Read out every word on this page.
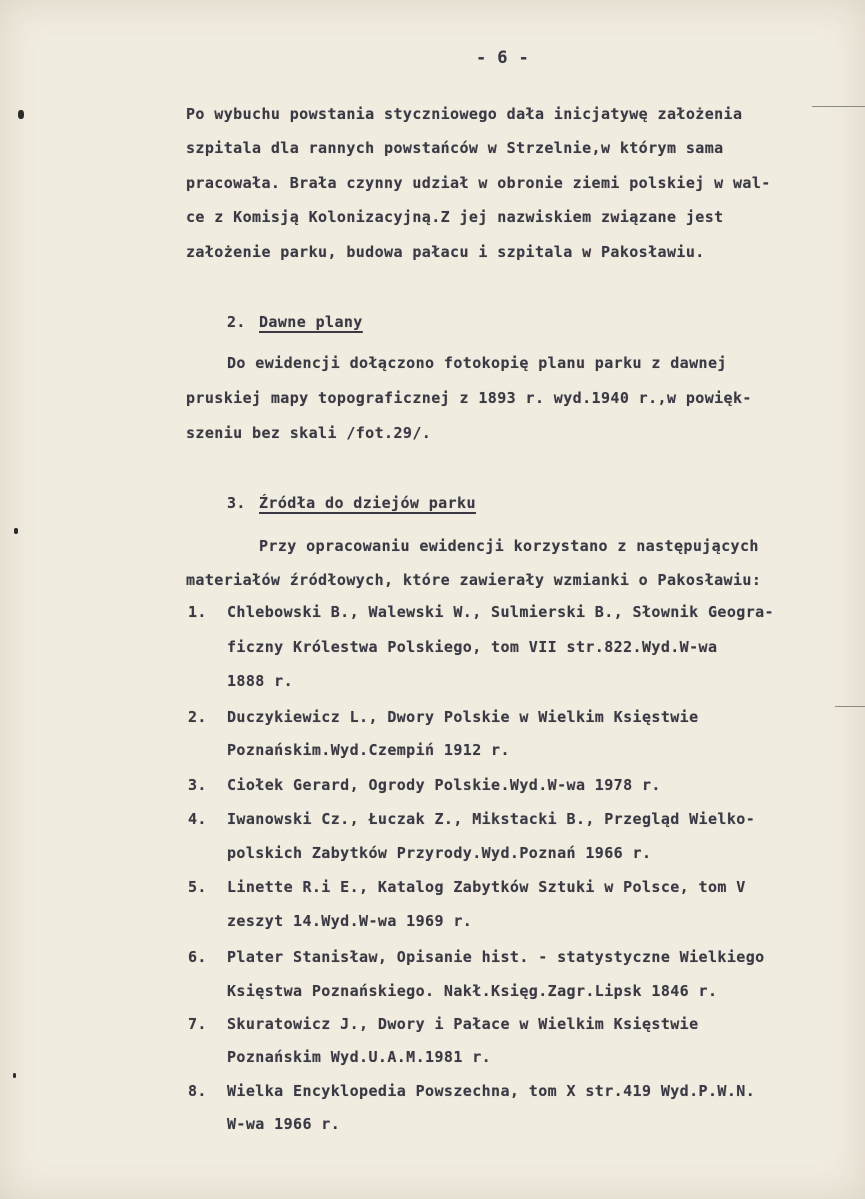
- 6 -
Po wybuchu powstania styczniowego dała inicjatywę założenia
szpitala dla rannych powstańców w Strzelnie,w którym sama
pracowała. Brała czynny udział w obronie ziemi polskiej w wal-
ce z Komisją Kolonizacyjną.Z jej nazwiskiem związane jest
założenie parku, budowa pałacu i szpitala w Pakosławiu.
2. Dawne plany
Do ewidencji dołączono fotokopię planu parku z dawnej
pruskiej mapy topograficznej z 1893 r. wyd.1940 r.,w powięk-
szeniu bez skali /fot.29/.
3. Źródła do dziejów parku
Przy opracowaniu ewidencji korzystano z następujących
materiałów źródłowych, które zawierały wzmianki o Pakosławiu:
1. Chlebowski B., Walewski W., Sulmierski B., Słownik Geogra-
ficzny Królestwa Polskiego, tom VII str.822.Wyd.W-wa
1888 r.
2. Duczykiewicz L., Dwory Polskie w Wielkim Księstwie
Poznańskim.Wyd.Czempiń 1912 r.
3. Ciołek Gerard, Ogrody Polskie.Wyd.W-wa 1978 r.
4. Iwanowski Cz., Łuczak Z., Mikstacki B., Przegląd Wielko-
polskich Zabytków Przyrody.Wyd.Poznań 1966 r.
5. Linette R.i E., Katalog Zabytków Sztuki w Polsce, tom V
zeszyt 14.Wyd.W-wa 1969 r.
6. Plater Stanisław, Opisanie hist. - statystyczne Wielkiego
Księstwa Poznańskiego. Nakł.Księg.Zagr.Lipsk 1846 r.
7. Skuratowicz J., Dwory i Pałace w Wielkim Księstwie
Poznańskim Wyd.U.A.M.1981 r.
8. Wielka Encyklopedia Powszechna, tom X str.419 Wyd.P.W.N.
W-wa 1966 r.
